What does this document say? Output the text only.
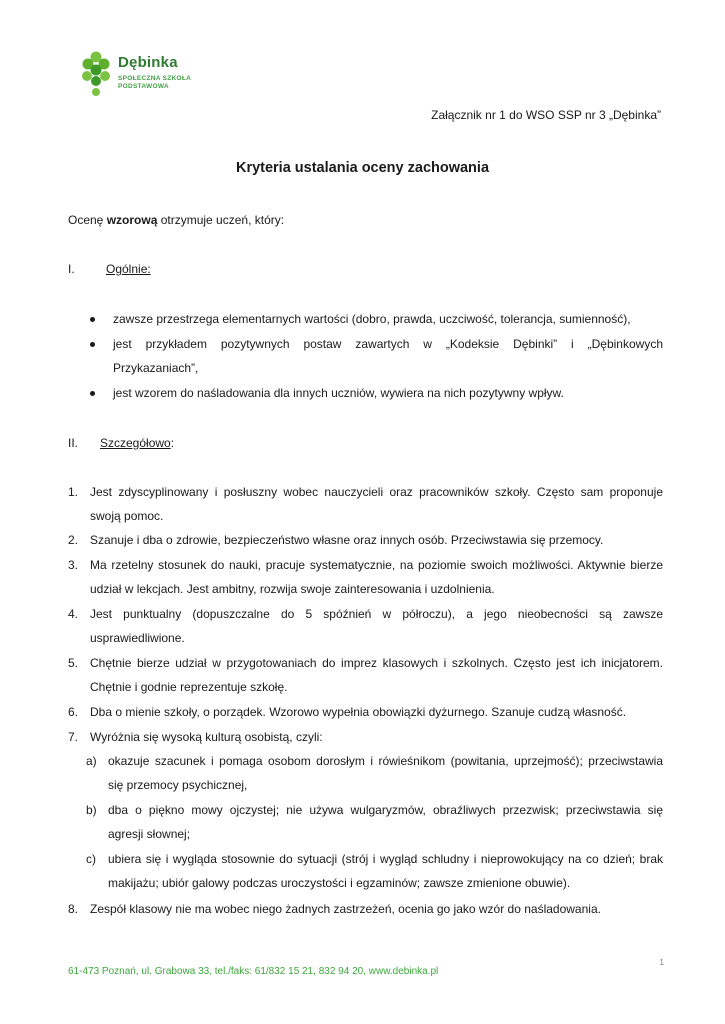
Dębinka
SPOŁECZNA SZKOŁA
PODSTAWOWA
Załącznik nr 1 do WSO SSP nr 3 „Dębinka”
Kryteria ustalania oceny zachowania
Ocenę wzorową otrzymuje uczeń, który:
I.	Ogólnie:
zawsze przestrzega elementarnych wartości (dobro, prawda, uczciwość, tolerancja, sumienność),
jest przykładem pozytywnych postaw zawartych w „Kodeksie Dębinki” i „Dębinkowych
Przykazaniach”,
jest wzorem do naśladowania dla innych uczniów, wywiera na nich pozytywny wpływ.
II. Szczegółowo:
1. Jest zdyscyplinowany i posłuszny wobec nauczycieli oraz pracowników szkoły. Często sam proponuje
swoją pomoc.
2. Szanuje i dba o zdrowie, bezpieczeństwo własne oraz innych osób. Przeciwstawia się przemocy.
3. Ma rzetelny stosunek do nauki, pracuje systematycznie, na poziomie swoich możliwości. Aktywnie bierze
udział w lekcjach. Jest ambitny, rozwija swoje zainteresowania i uzdolnienia.
4. Jest punktualny (dopuszczalne do 5 spóźnień w półroczu), a jego nieobecności są zawsze
usprawiedliwione.
5. Chętnie bierze udział w przygotowaniach do imprez klasowych i szkolnych. Często jest ich inicjatorem.
Chętnie i godnie reprezentuje szkołę.
6. Dba o mienie szkoły, o porządek. Wzorowo wypełnia obowiązki dyżurnego. Szanuje cudzą własność.
7. Wyróżnia się wysoką kulturą osobistą, czyli:
8. Zespół klasowy nie ma wobec niego żadnych zastrzeżeń, ocenia go jako wzór do naśladowania.
a) okazuje szacunek i pomaga osobom dorosłym i rówieśnikom (powitania, uprzejmość); przeciwstawia
się przemocy psychicznej,
b) dba o piękno mowy ojczystej; nie używa wulgaryzmów, obraźliwych przezwisk; przeciwstawia się
agresji słownej;
c) ubiera się i wygląda stosownie do sytuacji (strój i wygląd schludny i nieprowokujący na co dzień; brak
makijażu; ubiór galowy podczas uroczystości i egzaminów; zawsze zmienione obuwie).
1
61-473 Poznań, ul. Grabowa 33, tel./faks: 61/832 15 21, 832 94 20, www.debinka.pl
